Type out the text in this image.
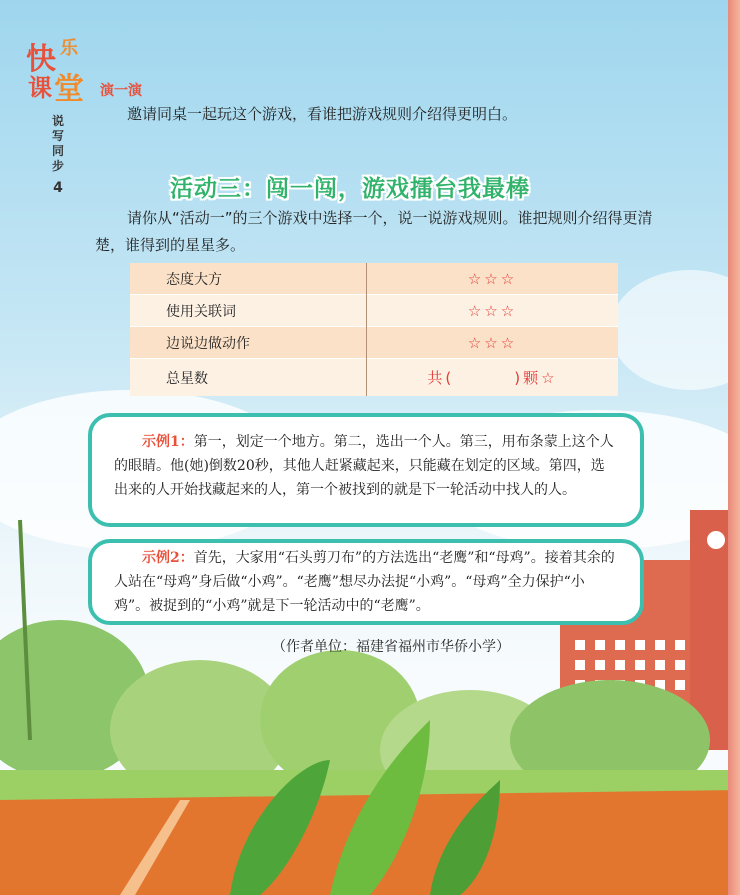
快 乐
课 堂
说写同步
4
演一演
邀请同桌一起玩这个游戏，看谁把游戏规则介绍得更明白。
活动三：闯一闯，游戏擂台我最棒
请你从“活动一”的三个游戏中选择一个，说一说游戏规则。谁把规则介绍得更清楚，谁得到的星星多。
态度大方	☆☆☆
使用关联词	☆☆☆
边说边做动作	☆☆☆
总星数	共( )颗☆
示例1：第一，划定一个地方。第二，选出一个人。第三，用布条蒙上这个人的眼睛。他(她)倒数20秒，其他人赶紧藏起来，只能藏在划定的区域。第四，选出来的人开始找藏起来的人，第一个被找到的就是下一轮活动中找人的人。
示例2：首先，大家用“石头剪刀布”的方法选出“老鹰”和“母鸡”。接着其余的人站在“母鸡”身后做“小鸡”。“老鹰”想尽办法捉“小鸡”。“母鸡”全力保护“小鸡”。被捉到的“小鸡”就是下一轮活动中的“老鹰”。
（作者单位：福建省福州市华侨小学）
